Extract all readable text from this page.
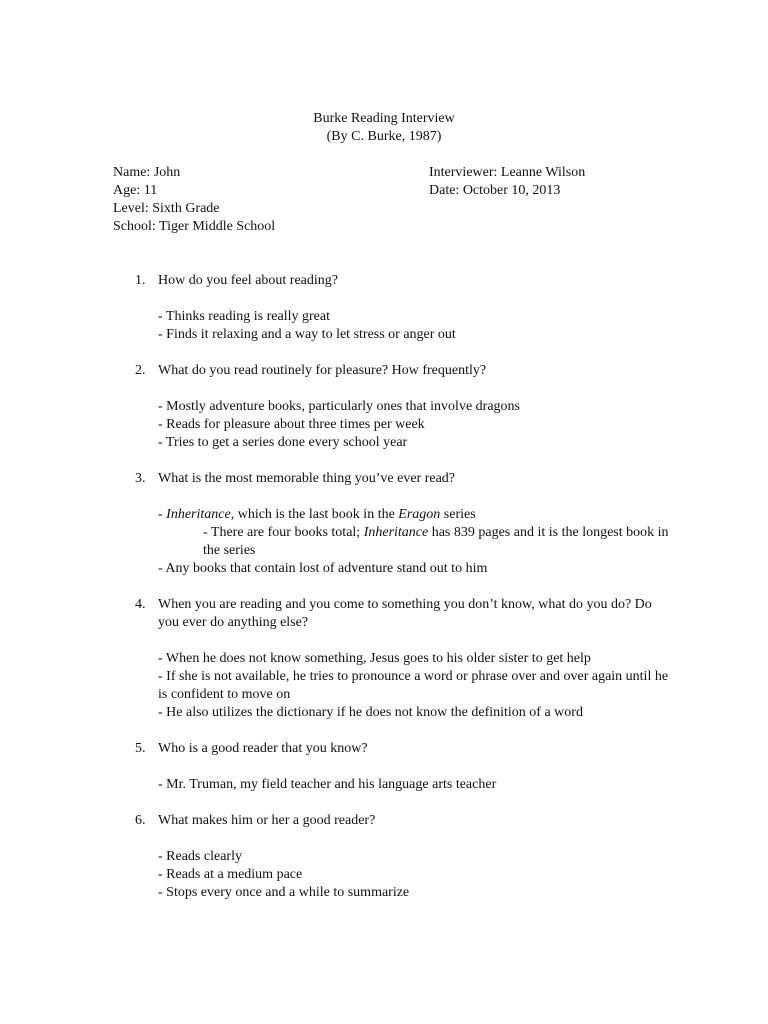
Burke Reading Interview
(By C. Burke, 1987)
Name: John
Age: 11
Level: Sixth Grade
School: Tiger Middle School
Interviewer: Leanne Wilson
Date: October 10, 2013
1. How do you feel about reading?

- Thinks reading is really great

- Finds it relaxing and a way to let stress or anger out

2. What do you read routinely for pleasure? How frequently?

- Mostly adventure books, particularly ones that involve dragons

- Reads for pleasure about three times per week

- Tries to get a series done every school year

3. What is the most memorable thing you’ve ever read?

- Inheritance, which is the last book in the Eragon series

- There are four books total; Inheritance has 839 pages and it is the longest book in the series

- Any books that contain lost of adventure stand out to him

4. When you are reading and you come to something you don’t know, what do you do? Do you ever do anything else?

- When he does not know something, Jesus goes to his older sister to get help

- If she is not available, he tries to pronounce a word or phrase over and over again until he is confident to move on

- He also utilizes the dictionary if he does not know the definition of a word

5. Who is a good reader that you know?

- Mr. Truman, my field teacher and his language arts teacher

6. What makes him or her a good reader?

- Reads clearly

- Reads at a medium pace

- Stops every once and a while to summarize
